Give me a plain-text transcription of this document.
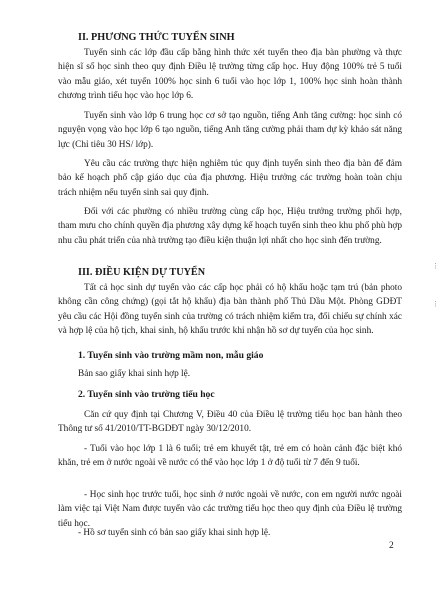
II. PHƯƠNG THỨC TUYỂN SINH

Tuyển sinh các lớp đầu cấp bằng hình thức xét tuyển theo địa bàn phường và thực hiện sĩ số học sinh theo quy định Điều lệ trường từng cấp học. Huy động 100% trẻ 5 tuổi vào mẫu giáo, xét tuyển 100% học sinh 6 tuổi vào học lớp 1, 100% học sinh hoàn thành chương trình tiểu học vào học lớp 6.

Tuyển sinh vào lớp 6 trung học cơ sở tạo nguồn, tiếng Anh tăng cường: học sinh có nguyện vọng vào học lớp 6 tạo nguồn, tiếng Anh tăng cường phải tham dự kỳ khảo sát năng lực (Chỉ tiêu 30 HS/ lớp).

Yêu cầu các trường thực hiện nghiêm túc quy định tuyển sinh theo địa bàn để đảm bảo kế hoạch phổ cập giáo dục của địa phương. Hiệu trưởng các trường hoàn toàn chịu trách nhiệm nếu tuyển sinh sai quy định.

Đối với các phường có nhiều trường cùng cấp học, Hiệu trưởng trường phối hợp, tham mưu cho chính quyền địa phương xây dựng kế hoạch tuyển sinh theo khu phố phù hợp nhu cầu phát triển của nhà trường tạo điều kiện thuận lợi nhất cho học sinh đến trường.

III. ĐIỀU KIỆN DỰ TUYỂN

Tất cả học sinh dự tuyển vào các cấp học phải có hộ khẩu hoặc tạm trú (bản photo không cần công chứng) (gọi tắt hộ khẩu) địa bàn thành phố Thủ Dầu Một. Phòng GDĐT yêu cầu các Hội đồng tuyển sinh của trường có trách nhiệm kiểm tra, đối chiếu sự chính xác và hợp lệ của hộ tịch, khai sinh, hộ khẩu trước khi nhận hồ sơ dự tuyển của học sinh.

1. Tuyển sinh vào trường mầm non, mẫu giáo
Bản sao giấy khai sinh hợp lệ.
2. Tuyển sinh vào trường tiểu học

Căn cứ quy định tại Chương V, Điều 40 của Điều lệ trường tiểu học ban hành theo Thông tư số 41/2010/TT-BGDĐT ngày 30/12/2010.

- Tuổi vào học lớp 1 là 6 tuổi; trẻ em khuyết tật, trẻ em có hoàn cảnh đặc biệt khó khăn, trẻ em ở nước ngoài về nước có thể vào học lớp 1 ở độ tuổi từ 7 đến 9 tuổi.

- Học sinh học trước tuổi, học sinh ở nước ngoài về nước, con em người nước ngoài làm việc tại Việt Nam được tuyển vào các trường tiểu học theo quy định của Điều lệ trường tiểu học.

- Hồ sơ tuyển sinh có bản sao giấy khai sinh hợp lệ.
2
⋮
⋮
